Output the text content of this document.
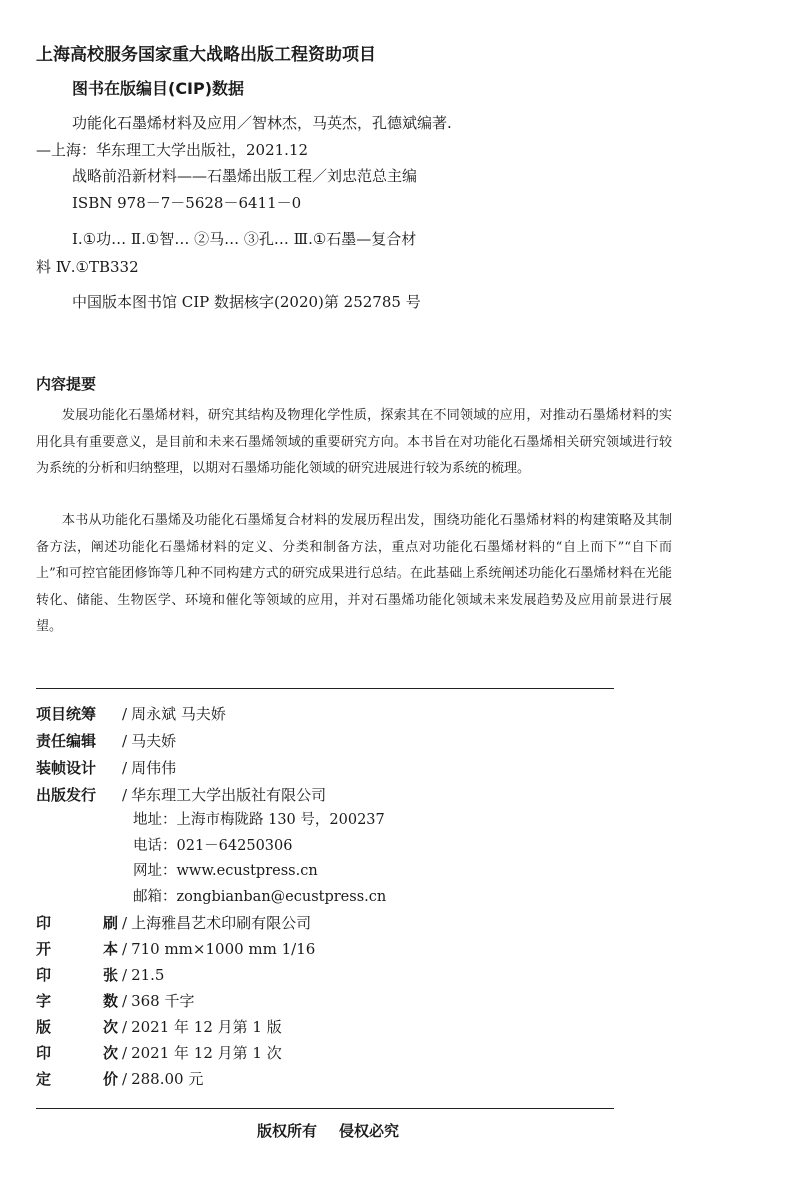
上海高校服务国家重大战略出版工程资助项目
图书在版编目(CIP)数据
功能化石墨烯材料及应用／智林杰，马英杰，孔德斌编著.
—上海：华东理工大学出版社，2021.12
战略前沿新材料——石墨烯出版工程／刘忠范总主编
ISBN 978－7－5628－6411－0
Ⅰ.①功… Ⅱ.①智… ②马… ③孔… Ⅲ.①石墨—复合材
料 Ⅳ.①TB332
中国版本图书馆 CIP 数据核字(2020)第 252785 号
内容提要
发展功能化石墨烯材料，研究其结构及物理化学性质，探索其在不同领域的应用，对推动石墨烯材料的实用化具有重要意义，是目前和未来石墨烯领域的重要研究方向。本书旨在对功能化石墨烯相关研究领域进行较为系统的分析和归纳整理，以期对石墨烯功能化领域的研究进展进行较为系统的梳理。
本书从功能化石墨烯及功能化石墨烯复合材料的发展历程出发，围绕功能化石墨烯材料的构建策略及其制备方法，阐述功能化石墨烯材料的定义、分类和制备方法，重点对功能化石墨烯材料的“自上而下”“自下而上”和可控官能团修饰等几种不同构建方式的研究成果进行总结。在此基础上系统阐述功能化石墨烯材料在光能转化、储能、生物医学、环境和催化等领域的应用，并对石墨烯功能化领域未来发展趋势及应用前景进行展望。
项目统筹 / 周永斌 马夫娇
责任编辑 / 马夫娇
装帧设计 / 周伟伟
出版发行 / 华东理工大学出版社有限公司
地址：上海市梅陇路 130 号，200237
电话：021－64250306
网址：www.ecustpress.cn
邮箱：zongbianban@ecustpress.cn
印刷 / 上海雅昌艺术印刷有限公司
开本 / 710 mm×1000 mm 1/16
印张 / 21.5
字数 / 368 千字
版次 / 2021 年 12 月第 1 版
印次 / 2021 年 12 月第 1 次
定价 / 288.00 元
版权所有 侵权必究
